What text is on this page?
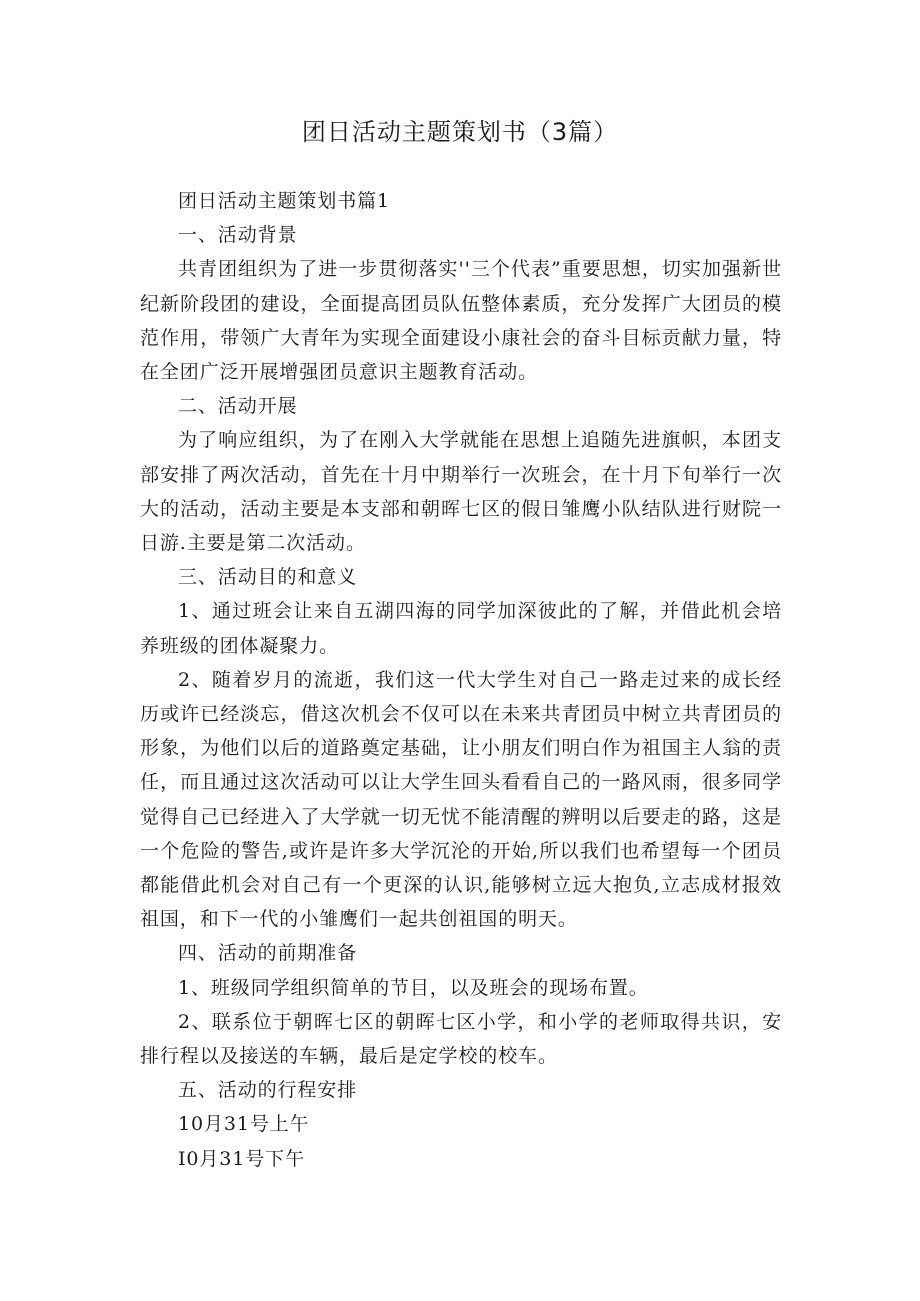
团日活动主题策划书（3篇）

团日活动主题策划书篇1

一、活动背景

共青团组织为了进一步贯彻落实''三个代表”重要思想，切实加强新世纪新阶段团的建设，全面提高团员队伍整体素质，充分发挥广大团员的模范作用，带领广大青年为实现全面建设小康社会的奋斗目标贡献力量，特在全团广泛开展增强团员意识主题教育活动。

二、活动开展

为了响应组织，为了在刚入大学就能在思想上追随先进旗帜，本团支部安排了两次活动，首先在十月中期举行一次班会，在十月下旬举行一次大的活动，活动主要是本支部和朝晖七区的假日雏鹰小队结队进行财院一日游.主要是第二次活动。

三、活动目的和意义

1、通过班会让来自五湖四海的同学加深彼此的了解，并借此机会培养班级的团体凝聚力。

2、随着岁月的流逝，我们这一代大学生对自己一路走过来的成长经历或许已经淡忘，借这次机会不仅可以在未来共青团员中树立共青团员的形象，为他们以后的道路奠定基础，让小朋友们明白作为祖国主人翁的责任，而且通过这次活动可以让大学生回头看看自己的一路风雨，很多同学觉得自己已经进入了大学就一切无忧不能清醒的辨明以后要走的路，这是一个危险的警告,或许是许多大学沉沦的开始,所以我们也希望每一个团员都能借此机会对自己有一个更深的认识,能够树立远大抱负,立志成材报效祖国，和下一代的小雏鹰们一起共创祖国的明天。

四、活动的前期准备

1、班级同学组织简单的节目，以及班会的现场布置。

2、联系位于朝晖七区的朝晖七区小学，和小学的老师取得共识，安排行程以及接送的车辆，最后是定学校的校车。

五、活动的行程安排

10月31号上午

I0月31号下午
